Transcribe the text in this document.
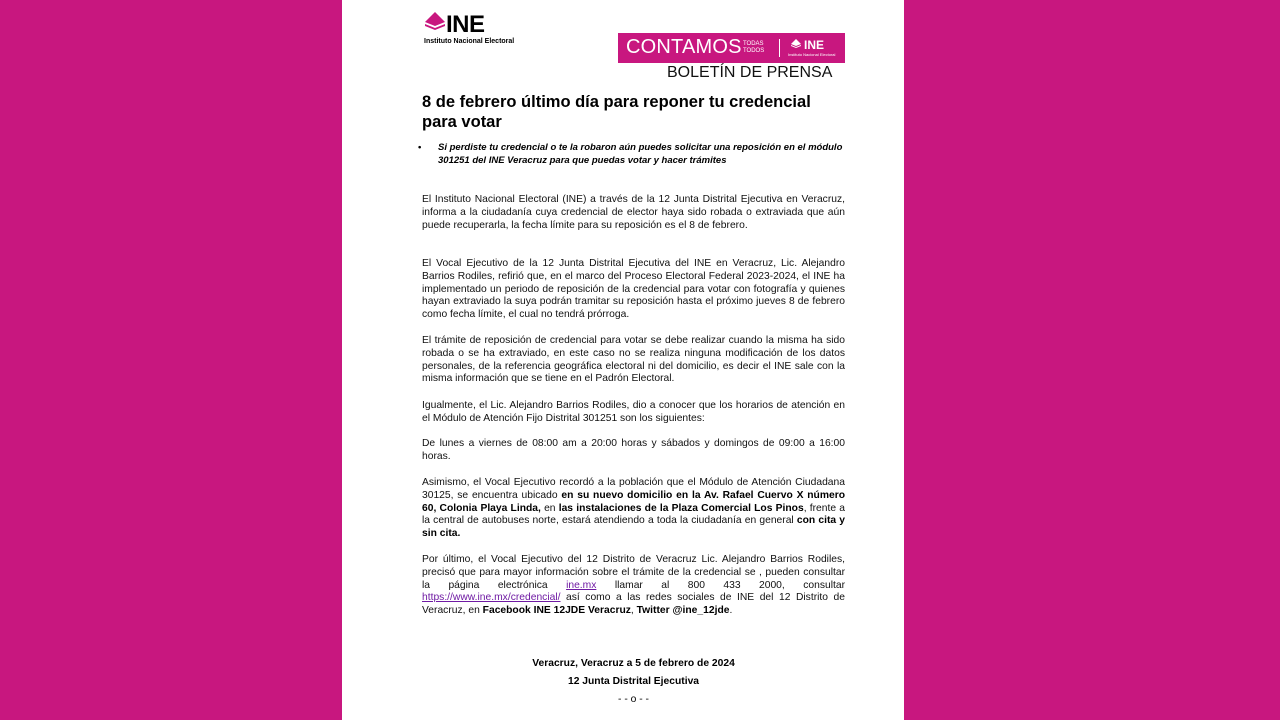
INE
Instituto Nacional Electoral	CONTAMOS TODAS
TODOS	INE
Instituto Nacional Electoral
BOLETÍN DE PRENSA
8 de febrero último día para reponer tu credencial para votar
• Si perdiste tu credencial o te la robaron aún puedes solicitar una reposición en el módulo 301251 del INE Veracruz para que puedas votar y hacer trámites

El Instituto Nacional Electoral (INE) a través de la 12 Junta Distrital Ejecutiva en Veracruz, informa a la ciudadanía cuya credencial de elector haya sido robada o extraviada que aún puede recuperarla, la fecha límite para su reposición es el 8 de febrero.

El Vocal Ejecutivo de la 12 Junta Distrital Ejecutiva del INE en Veracruz, Lic. Alejandro Barrios Rodiles, refirió que, en el marco del Proceso Electoral Federal 2023-2024, el INE ha implementado un periodo de reposición de la credencial para votar con fotografía y quienes hayan extraviado la suya podrán tramitar su reposición hasta el próximo jueves 8 de febrero como fecha límite, el cual no tendrá prórroga.

El trámite de reposición de credencial para votar se debe realizar cuando la misma ha sido robada o se ha extraviado, en este caso no se realiza ninguna modificación de los datos personales, de la referencia geográfica electoral ni del domicilio, es decir el INE sale con la misma información que se tiene en el Padrón Electoral.

Igualmente, el Lic. Alejandro Barrios Rodiles, dio a conocer que los horarios de atención en el Módulo de Atención Fijo Distrital 301251 son los siguientes:

De lunes a viernes de 08:00 am a 20:00 horas y sábados y domingos de 09:00 a 16:00 horas.

Asimismo, el Vocal Ejecutivo recordó a la población que el Módulo de Atención Ciudadana 30125, se encuentra ubicado en su nuevo domicilio en la Av. Rafael Cuervo X número 60, Colonia Playa Linda, en las instalaciones de la Plaza Comercial Los Pinos, frente a la central de autobuses norte, estará atendiendo a toda la ciudadanía en general con cita y sin cita.

Por último, el Vocal Ejecutivo del 12 Distrito de Veracruz Lic. Alejandro Barrios Rodiles, precisó que para mayor información sobre el trámite de la credencial se , pueden consultar la página electrónica ine.mx llamar al 800 433 2000, consultar https://www.ine.mx/credencial/ así como a las redes sociales de INE del 12 Distrito de Veracruz, en Facebook INE 12JDE Veracruz, Twitter @ine_12jde.

Veracruz, Veracruz a 5 de febrero de 2024
12 Junta Distrital Ejecutiva
- - o - -
